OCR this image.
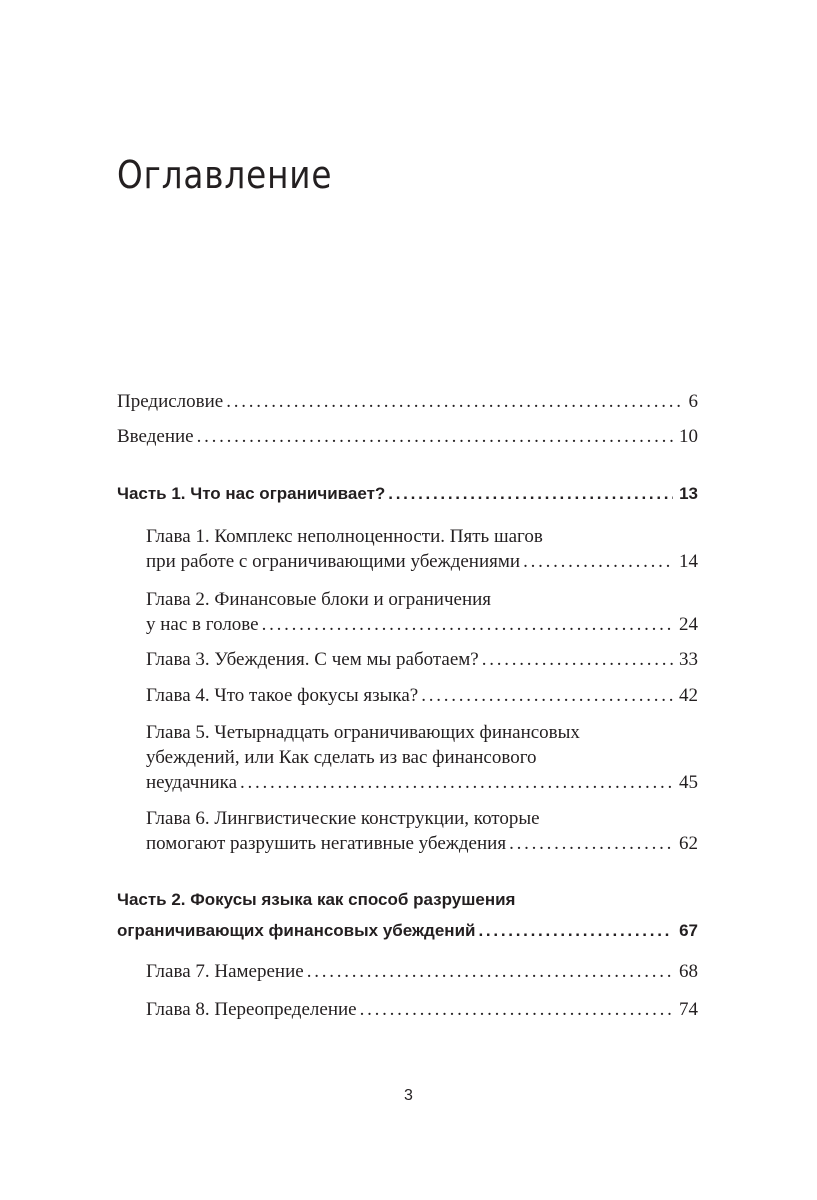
Оглавление
Предисловие . . .	6
Введение . . .	10
Часть 1. Что нас ограничивает? . . .	13
Глава 1. Комплекс неполноценности. Пять шагов
при работе с ограничивающими убеждениями . . .	14
Глава 2. Финансовые блоки и ограничения
у нас в голове . . .	24
Глава 3. Убеждения. С чем мы работаем? . . .	33
Глава 4. Что такое фокусы языка? . . .	42
Глава 5. Четырнадцать ограничивающих финансовых
убеждений, или Как сделать из вас финансового
неудачника . . .	45
Глава 6. Лингвистические конструкции, которые
помогают разрушить негативные убеждения . . .	62
Часть 2. Фокусы языка как способ разрушения
ограничивающих финансовых убеждений . . .	67
Глава 7. Намерение . . .	68
Глава 8. Переопределение . . .	74
3
